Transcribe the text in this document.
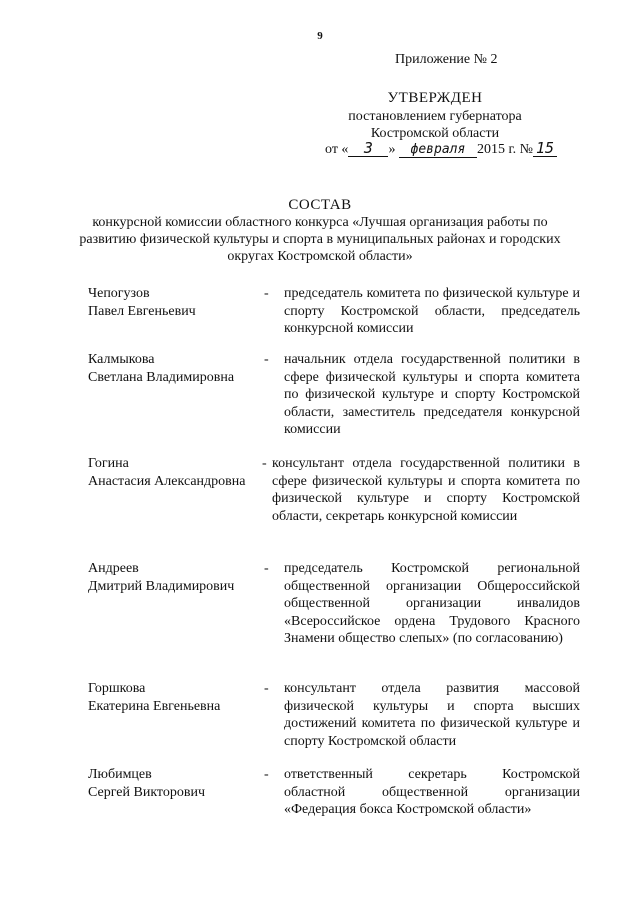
9
Приложение № 2
УТВЕРЖДЕН
постановлением губернатора
Костромской области
от « 3 » февраля 2015 г. № 15
СОСТАВ
конкурсной комиссии областного конкурса «Лучшая организация работы по развитию физической культуры и спорта в муниципальных районах и городских округах Костромской области»
Чепогузов
Павел Евгеньевич
- председатель комитета по физической культуре и спорту Костромской области, председатель конкурсной комиссии
Калмыкова
Светлана Владимировна
- начальник отдела государственной политики в сфере физической культуры и спорта комитета по физической культуре и спорту Костромской области, заместитель председателя конкурсной комиссии
Гогина
Анастасия Александровна
- консультант отдела государственной политики в сфере физической культуры и спорта комитета по физической культуре и спорту Костромской области, секретарь конкурсной комиссии
Андреев
Дмитрий Владимирович
- председатель Костромской региональной общественной организации Общероссийской общественной организации инвалидов «Всероссийское ордена Трудового Красного Знамени общество слепых» (по согласованию)
Горшкова
Екатерина Евгеньевна
- консультант отдела развития массовой физической культуры и спорта высших достижений комитета по физической культуре и спорту Костромской области
Любимцев
Сергей Викторович
- ответственный секретарь Костромской областной общественной организации «Федерация бокса Костромской области»
